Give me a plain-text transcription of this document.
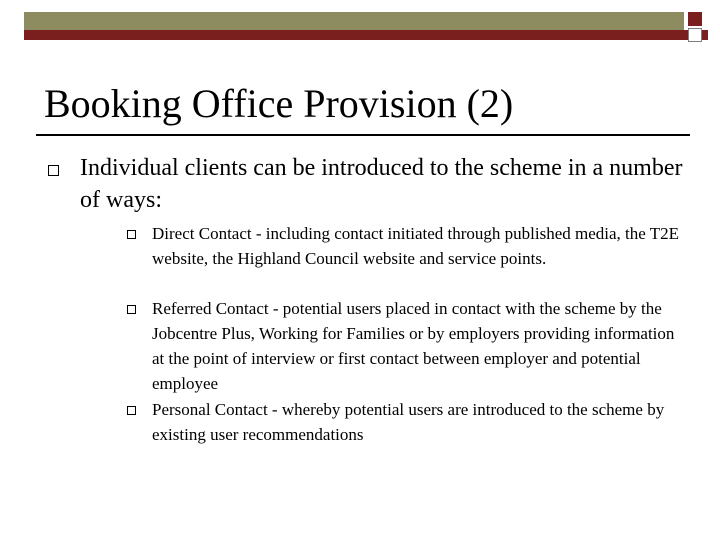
Booking Office Provision (2)
Individual clients can be introduced to the scheme in a number of ways:
Direct Contact - including contact initiated through published media, the T2E website, the Highland Council website and service points.
Referred Contact - potential users placed in contact with the scheme by the Jobcentre Plus, Working for Families or by employers providing information at the point of interview or first contact between employer and potential employee
Personal Contact - whereby potential users are introduced to the scheme by existing user recommendations
